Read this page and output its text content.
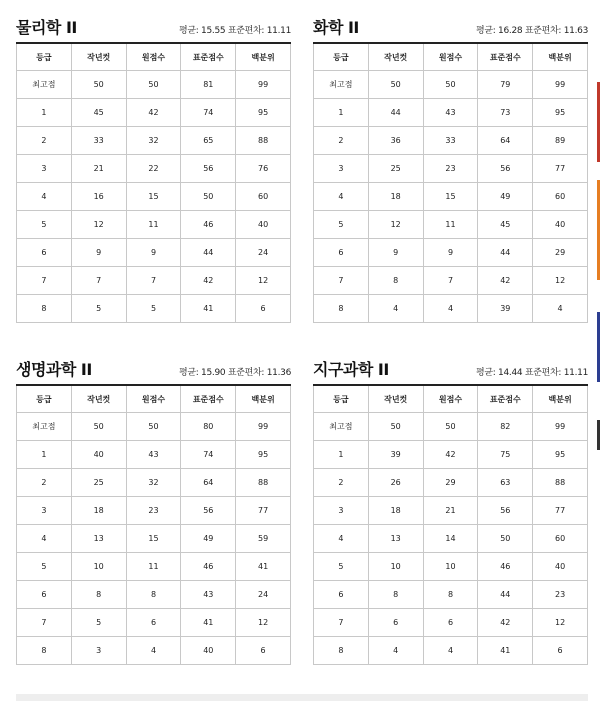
물리학 II	평균: 15.55 표준편차: 11.11
등급	작년컷	원점수	표준점수	백분위
최고점	50	50	81	99
1	45	42	74	95
2	33	32	65	88
3	21	22	56	76
4	16	15	50	60
5	12	11	46	40
6	9	9	44	24
7	7	7	42	12
8	5	5	41	6
화학 II	평균: 16.28 표준편차: 11.63
등급	작년컷	원점수	표준점수	백분위
최고점	50	50	79	99
1	44	43	73	95
2	36	33	64	89
3	25	23	56	77
4	18	15	49	60
5	12	11	45	40
6	9	9	44	29
7	8	7	42	12
8	4	4	39	4
생명과학 II	평균: 15.90 표준편차: 11.36
등급	작년컷	원점수	표준점수	백분위
최고점	50	50	80	99
1	40	43	74	95
2	25	32	64	88
3	18	23	56	77
4	13	15	49	59
5	10	11	46	41
6	8	8	43	24
7	5	6	41	12
8	3	4	40	6
지구과학 II	평균: 14.44 표준편차: 11.11
등급	작년컷	원점수	표준점수	백분위
최고점	50	50	82	99
1	39	42	75	95
2	26	29	63	88
3	18	21	56	77
4	13	14	50	60
5	10	10	46	40
6	8	8	44	23
7	6	6	42	12
8	4	4	41	6
